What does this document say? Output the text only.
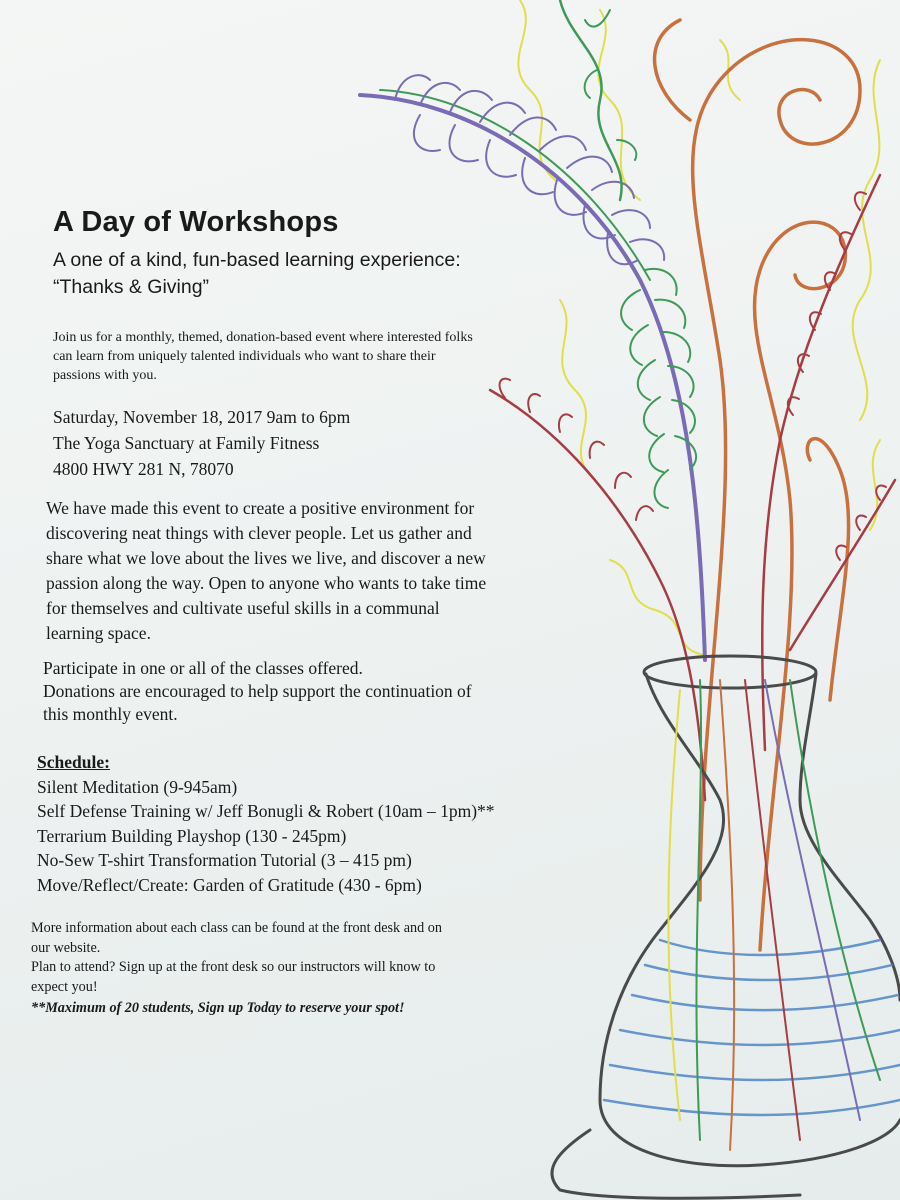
A Day of Workshops
A one of a kind, fun-based learning experience:
“Thanks & Giving”
Join us for a monthly, themed, donation-based event where interested folks
can learn from uniquely talented individuals who want to share their
passions with you.
Saturday, November 18, 2017 9am to 6pm
The Yoga Sanctuary at Family Fitness
4800 HWY 281 N, 78070
We have made this event to create a positive environment for
discovering neat things with clever people. Let us gather and
share what we love about the lives we live, and discover a new
passion along the way. Open to anyone who wants to take time
for themselves and cultivate useful skills in a communal
learning space.
Participate in one or all of the classes offered.
Donations are encouraged to help support the continuation of
this monthly event.
Schedule:
Silent Meditation (9-945am)
Self Defense Training w/ Jeff Bonugli & Robert (10am – 1pm)**
Terrarium Building Playshop (130 - 245pm)
No-Sew T-shirt Transformation Tutorial (3 – 415 pm)
Move/Reflect/Create: Garden of Gratitude (430 - 6pm)
More information about each class can be found at the front desk and on
our website.
Plan to attend? Sign up at the front desk so our instructors will know to
expect you!
**Maximum of 20 students, Sign up Today to reserve your spot!
